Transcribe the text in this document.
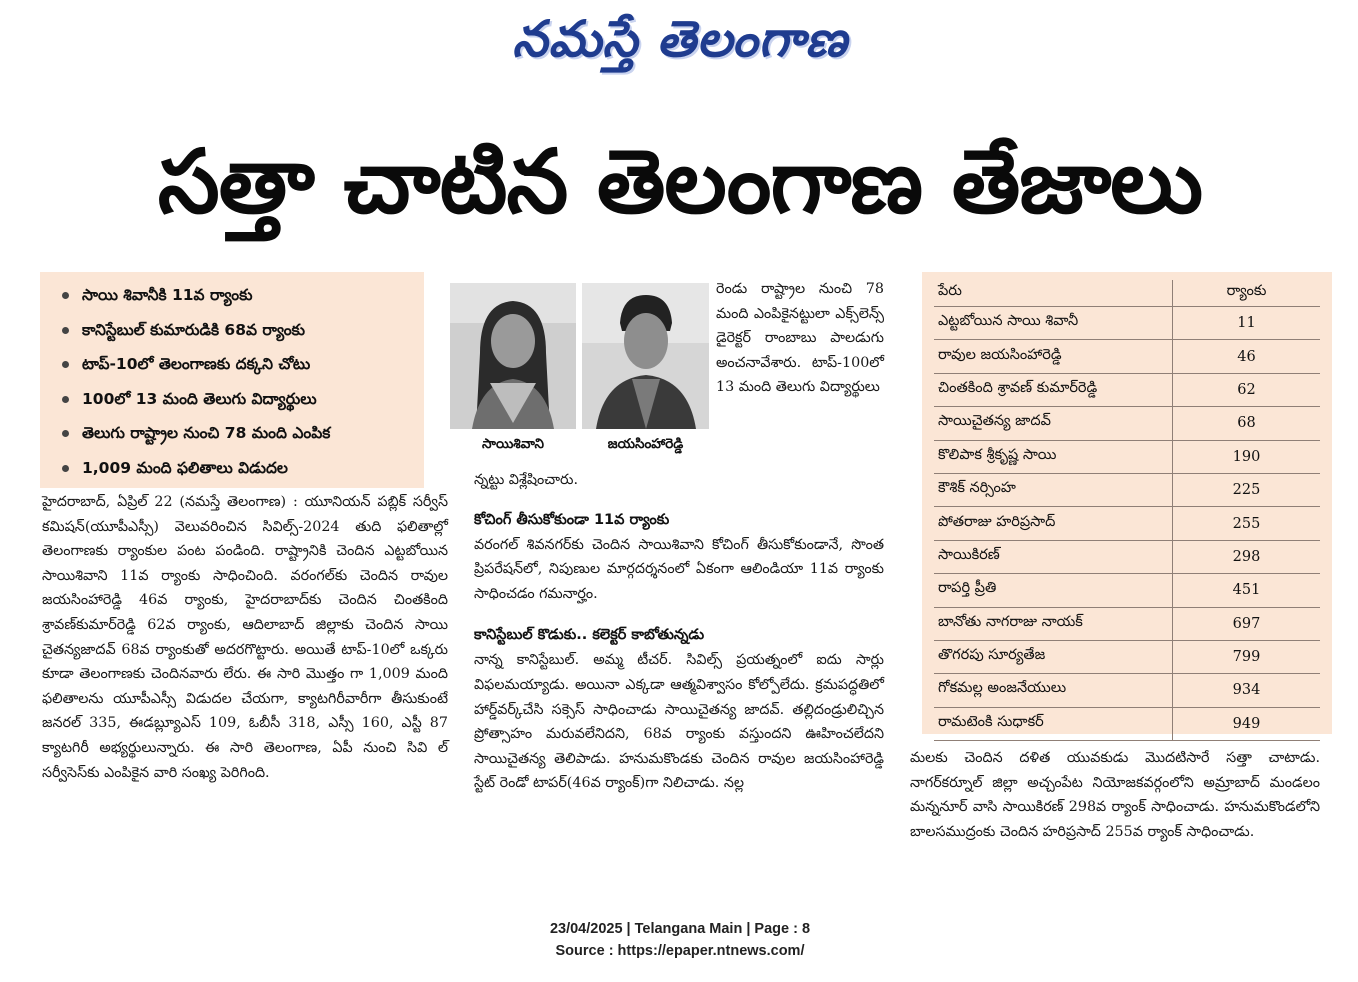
నమస్తే తెలంగాణ
సత్తా చాటిన తెలంగాణ తేజాలు
సాయి శివానీకి 11వ ర్యాంకు
కానిస్టేబుల్ కుమారుడికి 68వ ర్యాంకు
టాప్-10లో తెలంగాణకు దక్కని చోటు
100లో 13 మంది తెలుగు విద్యార్థులు
తెలుగు రాష్ట్రాల నుంచి 78 మంది ఎంపిక
1,009 మంది ఫలితాలు విడుదల

హైదరాబాద్, ఏప్రిల్ 22 (నమస్తే తెలంగాణ) : యూనియన్ పబ్లిక్ సర్వీస్ కమిషన్(యూపీఎస్సీ) వెలువరించిన సివిల్స్-2024 తుది ఫలితాల్లో తెలంగాణకు ర్యాంకుల పంట పండింది. రాష్ట్రానికి చెందిన ఎట్టబోయిన సాయిశివాని 11వ ర్యాంకు సాధించింది. వరంగల్‌కు చెందిన రావుల జయసింహారెడ్డి 46వ ర్యాంకు, హైదరాబాద్‌కు చెందిన చింతకింది శ్రావణ్‌కుమార్‌రెడ్డి 62వ ర్యాంకు, ఆదిలాబాద్ జిల్లాకు చెందిన సాయి చైతన్యజాదవ్ 68వ ర్యాంకుతో అదరగొట్టారు. అయితే టాప్-10లో ఒక్కరు కూడా తెలంగాణకు చెందినవారు లేరు. ఈ సారి మొత్తం గా 1,009 మంది ఫలితాలను యూపీఎస్సీ విడుదల చేయగా, క్యాటగిరీవారీగా తీసుకుంటే జనరల్ 335, ఈడబ్ల్యూఎస్ 109, ఓబీసీ 318, ఎస్సీ 160, ఎస్టీ 87 క్యాటగిరీ అభ్యర్థులున్నారు. ఈ సారి తెలంగాణ, ఏపీ నుంచి సివి ల్ సర్వీసెస్‌కు ఎంపికైన వారి సంఖ్య పెరిగింది.

సాయిశివాని	జయసింహారెడ్డి

రెండు రాష్ట్రాల నుంచి 78 మంది ఎంపికైనట్టులా ఎక్స్‌లెన్స్ డైరెక్టర్ రాంబాబు పాలడుగు అంచనావేశారు. టాప్-100లో 13 మంది తెలుగు విద్యార్థులు

న్నట్టు విశ్లేషించారు.

కోచింగ్ తీసుకోకుండా 11వ ర్యాంకు

వరంగల్ శివనగర్‌కు చెందిన సాయిశివాని కోచింగ్ తీసుకోకుండానే, సొంత ప్రిపరేషన్‌లో, నిపుణుల మార్గదర్శనంలో ఏకంగా ఆలిండియా 11వ ర్యాంకు సాధించడం గమనార్హం.

కానిస్టేబుల్ కొడుకు.. కలెక్టర్ కాబోతున్నడు

నాన్న కానిస్టేబుల్. అమ్మ టీచర్. సివిల్స్ ప్రయత్నంలో ఐదు సార్లు విఫలమయ్యాడు. అయినా ఎక్కడా ఆత్మవిశ్వాసం కోల్పోలేదు. క్రమపద్ధతిలో హార్డ్‌వర్క్‌చేసి సక్సెస్ సాధించాడు సాయిచైతన్య జాదవ్. తల్లిదండ్రులిచ్చిన ప్రోత్సాహం మరువలేనిదని, 68వ ర్యాంకు వస్తుందని ఊహించలేదని సాయిచైతన్య తెలిపాడు. హనుమకొండకు చెందిన రావుల జయసింహారెడ్డి స్టేట్ రెండో టాపర్(46వ ర్యాంక్)గా నిలిచాడు. నల్ల

పేరు	ర్యాంకు
ఎట్టబోయిన సాయి శివానీ	11
రావుల జయసింహారెడ్డి	46
చింతకింది శ్రావణ్ కుమార్‌రెడ్డి	62
సాయిచైతన్య జాదవ్	68
కొలిపాక శ్రీకృష్ణ సాయి	190
కౌశిక్ నర్సింహ	225
పోతరాజు హరిప్రసాద్	255
సాయికిరణ్	298
రాపర్తి ప్రీతి	451
బానోతు నాగరాజు నాయక్	697
తొగరపు సూర్యతేజ	799
గోకమల్ల అంజనేయులు	934
రామటెంకి సుధాకర్	949

మలకు చెందిన దళిత యువకుడు మొదటిసారే సత్తా చాటాడు. నాగర్‌కర్నూల్ జిల్లా అచ్చంపేట నియోజకవర్గంలోని అమ్రాబాద్ మండలం మన్ననూర్ వాసి సాయికిరణ్ 298వ ర్యాంక్ సాధించాడు. హనుమకొండలోని బాలసముద్రంకు చెందిన హరిప్రసాద్ 255వ ర్యాంక్ సాధించాడు.

23/04/2025 | Telangana Main | Page : 8
Source : https://epaper.ntnews.com/
